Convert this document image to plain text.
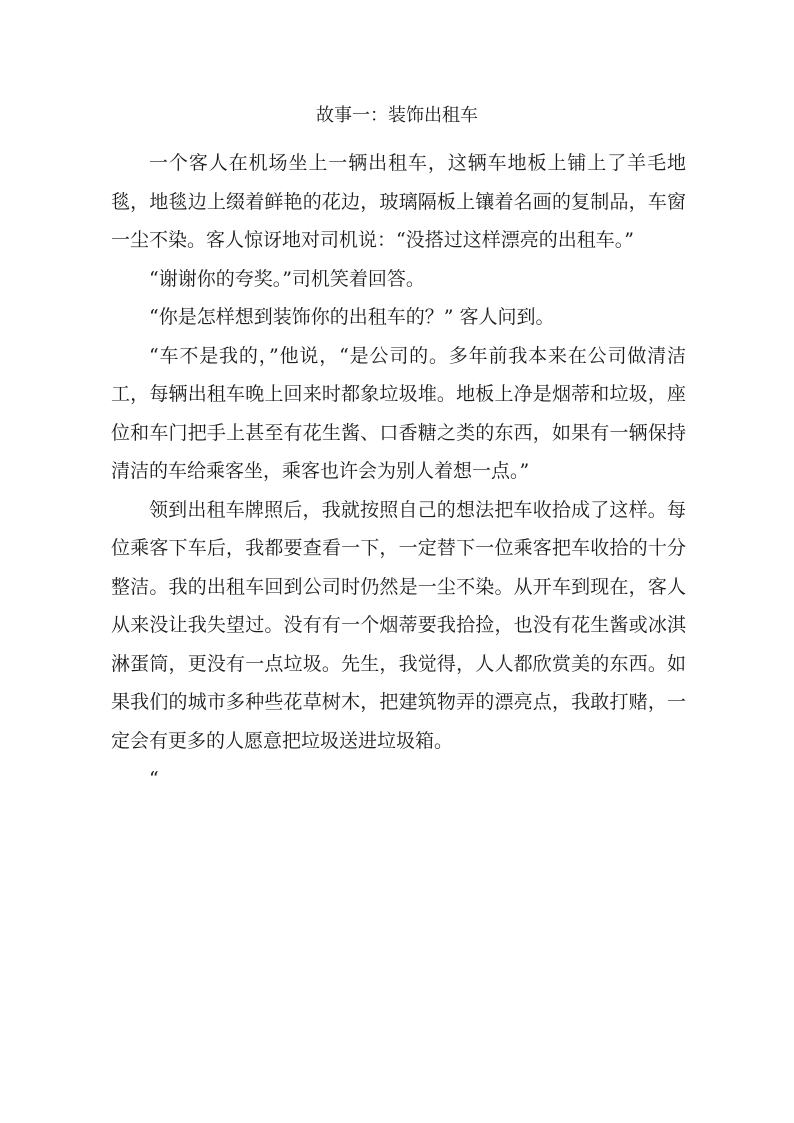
故事一：装饰出租车

一个客人在机场坐上一辆出租车，这辆车地板上铺上了羊毛地毯，地毯边上缀着鲜艳的花边，玻璃隔板上镶着名画的复制品，车窗一尘不染。客人惊讶地对司机说：“没搭过这样漂亮的出租车。”

“谢谢你的夸奖。”司机笑着回答。

“你是怎样想到装饰你的出租车的？” 客人问到。

“车不是我的，”他说，“是公司的。多年前我本来在公司做清洁工，每辆出租车晚上回来时都象垃圾堆。地板上净是烟蒂和垃圾，座位和车门把手上甚至有花生酱、口香糖之类的东西，如果有一辆保持清洁的车给乘客坐，乘客也许会为别人着想一点。”

领到出租车牌照后，我就按照自己的想法把车收拾成了这样。每位乘客下车后，我都要查看一下，一定替下一位乘客把车收拾的十分整洁。我的出租车回到公司时仍然是一尘不染。从开车到现在，客人从来没让我失望过。没有有一个烟蒂要我拾捡，也没有花生酱或冰淇淋蛋筒，更没有一点垃圾。先生，我觉得，人人都欣赏美的东西。如果我们的城市多种些花草树木，把建筑物弄的漂亮点，我敢打赌，一定会有更多的人愿意把垃圾送进垃圾箱。

“
